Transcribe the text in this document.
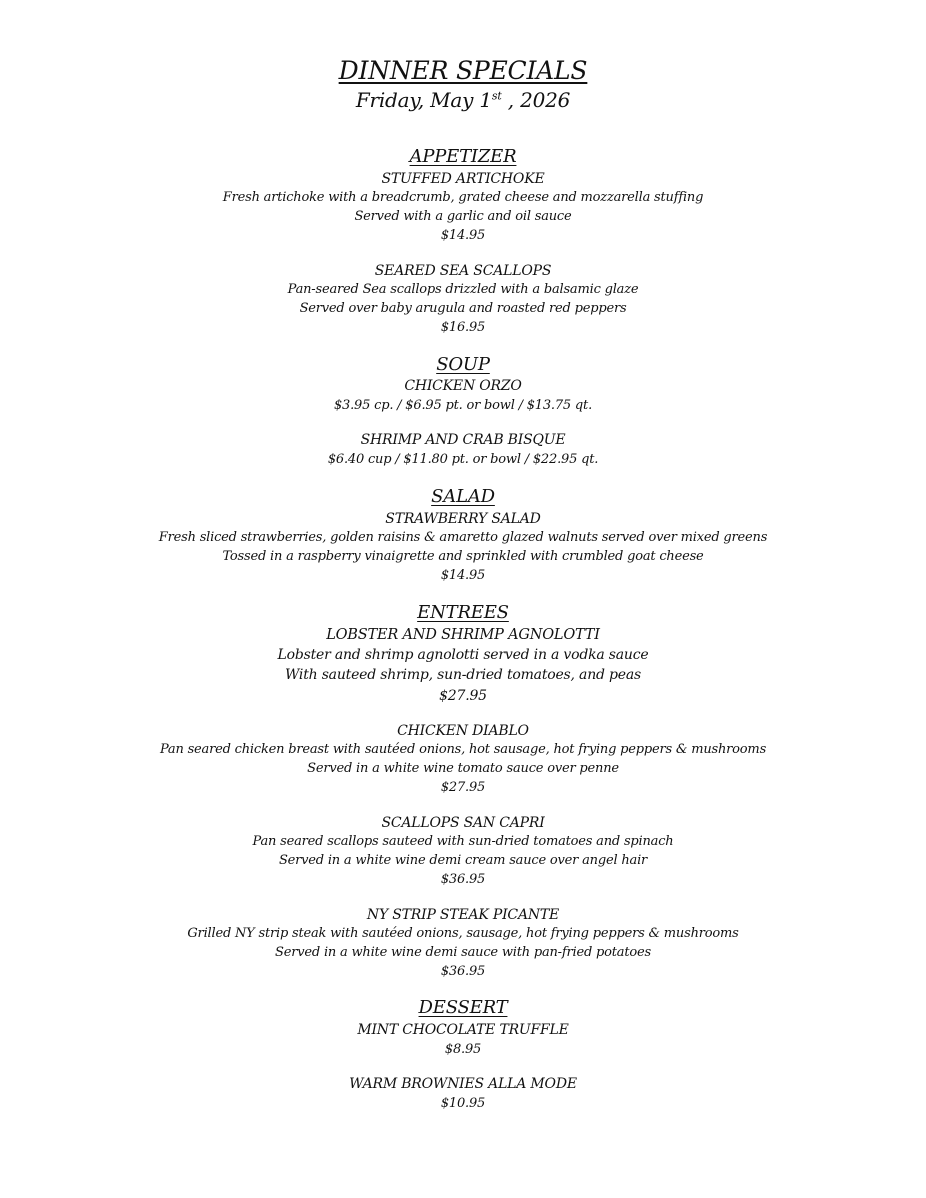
DINNER SPECIALS
Friday, May 1st , 2026
APPETIZER
STUFFED ARTICHOKE
Fresh artichoke with a breadcrumb, grated cheese and mozzarella stuffing
Served with a garlic and oil sauce
$14.95
SEARED SEA SCALLOPS
Pan-seared Sea scallops drizzled with a balsamic glaze
Served over baby arugula and roasted red peppers
$16.95
SOUP
CHICKEN ORZO
$3.95 cp. / $6.95 pt. or bowl / $13.75 qt.
SHRIMP AND CRAB BISQUE
$6.40 cup / $11.80 pt. or bowl / $22.95 qt.
SALAD
STRAWBERRY SALAD
Fresh sliced strawberries, golden raisins & amaretto glazed walnuts served over mixed greens
Tossed in a raspberry vinaigrette and sprinkled with crumbled goat cheese
$14.95
ENTREES
LOBSTER AND SHRIMP AGNOLOTTI
Lobster and shrimp agnolotti served in a vodka sauce
With sauteed shrimp, sun-dried tomatoes, and peas
$27.95
CHICKEN DIABLO
Pan seared chicken breast with sautéed onions, hot sausage, hot frying peppers & mushrooms
Served in a white wine tomato sauce over penne
$27.95
SCALLOPS SAN CAPRI
Pan seared scallops sauteed with sun-dried tomatoes and spinach
Served in a white wine demi cream sauce over angel hair
$36.95
NY STRIP STEAK PICANTE
Grilled NY strip steak with sautéed onions, sausage, hot frying peppers & mushrooms
Served in a white wine demi sauce with pan-fried potatoes
$36.95
DESSERT
MINT CHOCOLATE TRUFFLE
$8.95
WARM BROWNIES ALLA MODE
$10.95
